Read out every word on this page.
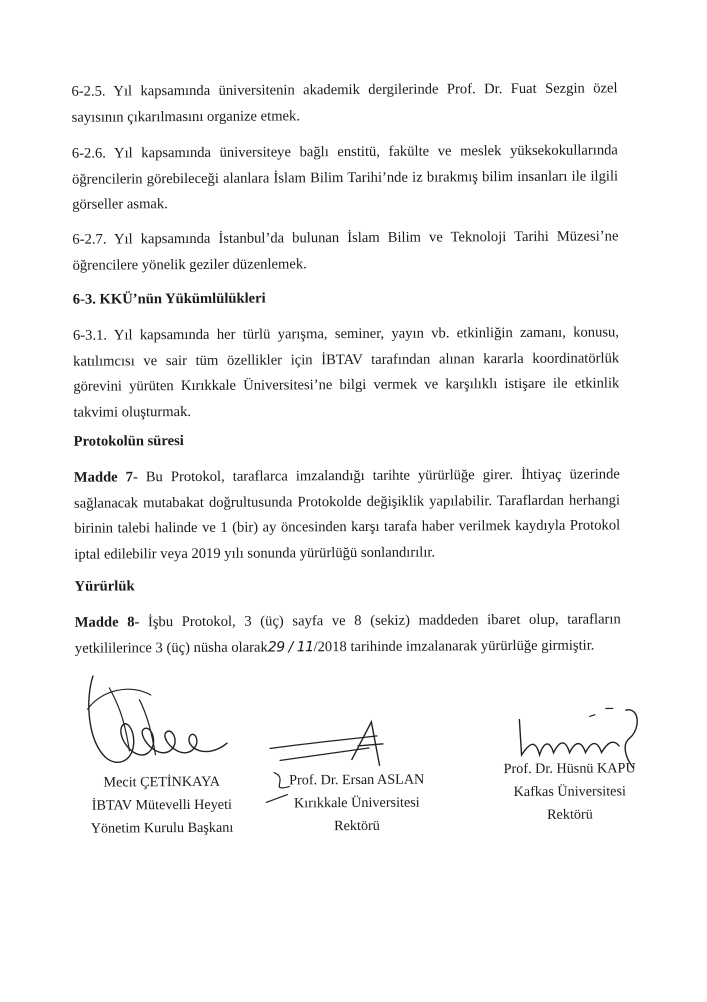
6-2.5. Yıl kapsamında üniversitenin akademik dergilerinde Prof. Dr. Fuat Sezgin özel sayısının çıkarılmasını organize etmek.

6-2.6. Yıl kapsamında üniversiteye bağlı enstitü, fakülte ve meslek yüksekokullarında öğrencilerin görebileceği alanlara İslam Bilim Tarihi’nde iz bırakmış bilim insanları ile ilgili görseller asmak.

6-2.7. Yıl kapsamında İstanbul’da bulunan İslam Bilim ve Teknoloji Tarihi Müzesi’ne öğrencilere yönelik geziler düzenlemek.

6-3. KKÜ’nün Yükümlülükleri

6-3.1. Yıl kapsamında her türlü yarışma, seminer, yayın vb. etkinliğin zamanı, konusu, katılımcısı ve sair tüm özellikler için İBTAV tarafından alınan kararla koordinatörlük görevini yürüten Kırıkkale Üniversitesi’ne bilgi vermek ve karşılıklı istişare ile etkinlik takvimi oluşturmak.

Protokolün süresi

Madde 7- Bu Protokol, taraflarca imzalandığı tarihte yürürlüğe girer. İhtiyaç üzerinde sağlanacak mutabakat doğrultusunda Protokolde değişiklik yapılabilir. Taraflardan herhangi birinin talebi halinde ve 1 (bir) ay öncesinden karşı tarafa haber verilmek kaydıyla Protokol iptal edilebilir veya 2019 yılı sonunda yürürlüğü sonlandırılır.

Yürürlük

Madde 8- İşbu Protokol, 3 (üç) sayfa ve 8 (sekiz) maddeden ibaret olup, tarafların yetkililerince 3 (üç) nüsha olarak29 / 11/2018 tarihinde imzalanarak yürürlüğe girmiştir.

Mecit ÇETİNKAYA
İBTAV Mütevelli Heyeti
Yönetim Kurulu Başkanı
Prof. Dr. Ersan ASLAN
Kırıkkale Üniversitesi
Rektörü
Prof. Dr. Hüsnü KAPU
Kafkas Üniversitesi
Rektörü
